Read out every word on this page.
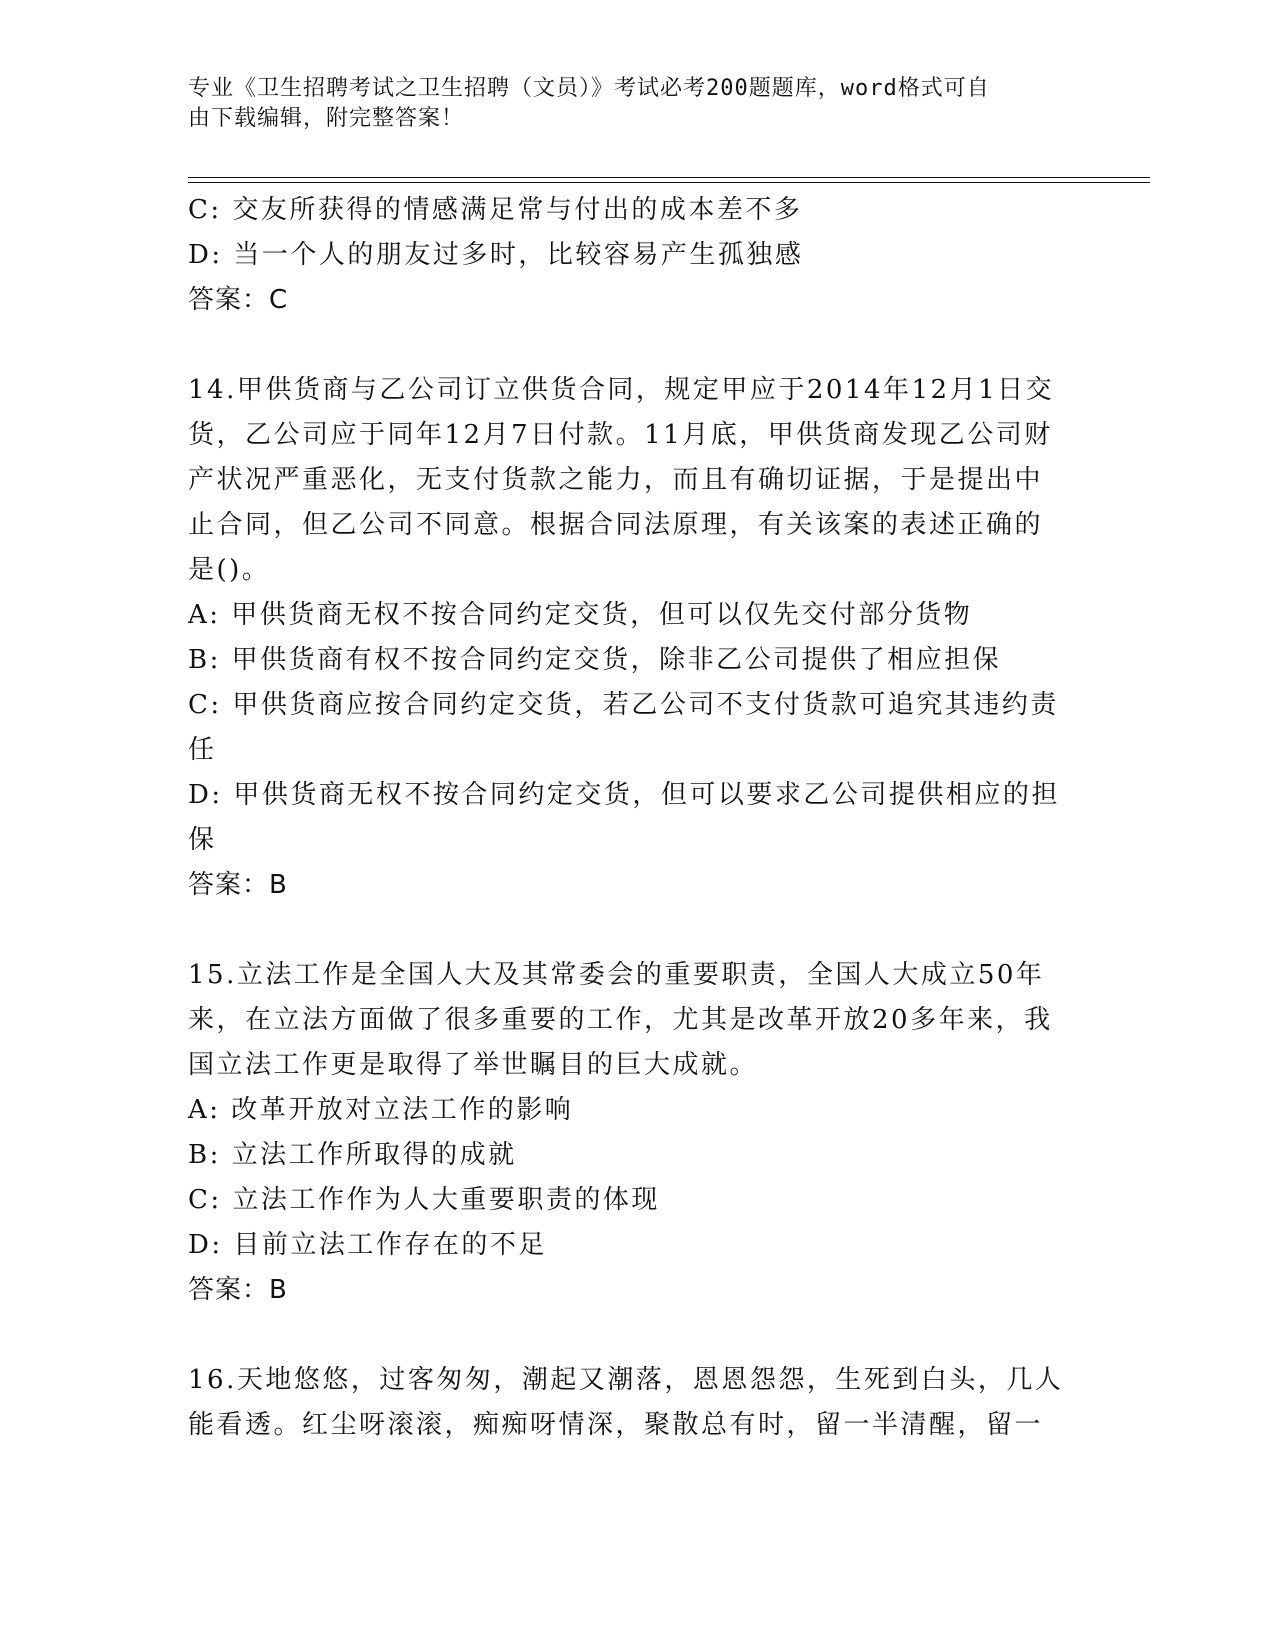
专业《卫生招聘考试之卫生招聘（文员）》考试必考200题题库，word格式可自
由下载编辑，附完整答案！
C: 交友所获得的情感满足常与付出的成本差不多
D: 当一个人的朋友过多时，比较容易产生孤独感
答案：C
14.甲供货商与乙公司订立供货合同，规定甲应于2014年12月1日交
货，乙公司应于同年12月7日付款。11月底，甲供货商发现乙公司财
产状况严重恶化，无支付货款之能力，而且有确切证据，于是提出中
止合同，但乙公司不同意。根据合同法原理，有关该案的表述正确的
是()。
A: 甲供货商无权不按合同约定交货，但可以仅先交付部分货物
B: 甲供货商有权不按合同约定交货，除非乙公司提供了相应担保
C: 甲供货商应按合同约定交货，若乙公司不支付货款可追究其违约责
任
D: 甲供货商无权不按合同约定交货，但可以要求乙公司提供相应的担
保
答案：B
15.立法工作是全国人大及其常委会的重要职责，全国人大成立50年
来，在立法方面做了很多重要的工作，尤其是改革开放20多年来，我
国立法工作更是取得了举世瞩目的巨大成就。
A: 改革开放对立法工作的影响
B: 立法工作所取得的成就
C: 立法工作作为人大重要职责的体现
D: 目前立法工作存在的不足
答案：B
16.天地悠悠，过客匆匆，潮起又潮落，恩恩怨怨，生死到白头，几人
能看透。红尘呀滚滚，痴痴呀情深，聚散总有时，留一半清醒，留一
